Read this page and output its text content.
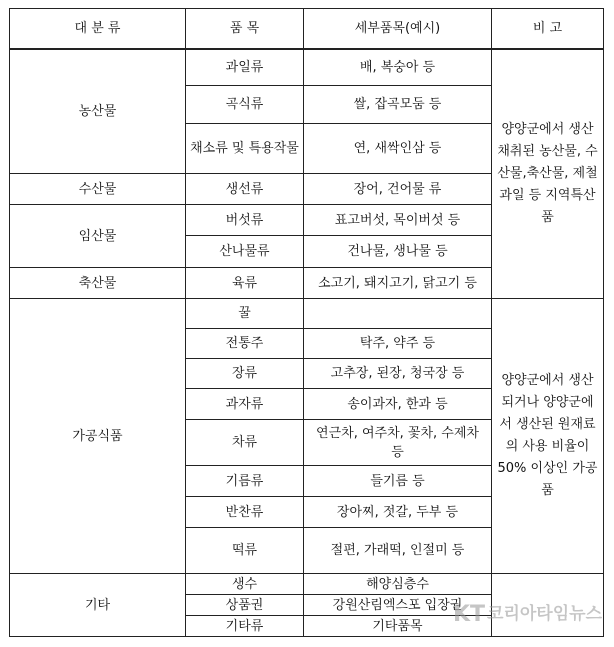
대 분 류	품 목	세부품목(예시)	비 고
농산물	과일류	배, 복숭아 등	양양군에서 생산 채취된 농산물, 수산물,축산물, 제철과일 등 지역특산품
	곡식류	쌀, 잡곡모둠 등	
	채소류 및 특용작물	연, 새싹인삼 등	
수산물	생선류	장어, 건어물 류	
임산물	버섯류	표고버섯, 목이버섯 등	
	산나물류	건나물, 생나물 등	
축산물	육류	소고기, 돼지고기, 닭고기 등	
가공식품	꿀		양양군에서 생산되거나 양양군에서 생산된 원재료의 사용 비율이 50% 이상인 가공품
	전통주	탁주, 약주 등	
	장류	고추장, 된장, 청국장 등	
	과자류	송이과자, 한과 등	
	차류	연근차, 여주차, 꽃차, 수제차 등	
	기름류	들기름 등	
	반찬류	장아찌, 젓갈, 두부 등	
	떡류	절편, 가래떡, 인절미 등	
기타	생수	해양심층수	
	상품권	강원산림엑스포 입장권	
	기타류	기타품목	KT 코리아타임뉴스
